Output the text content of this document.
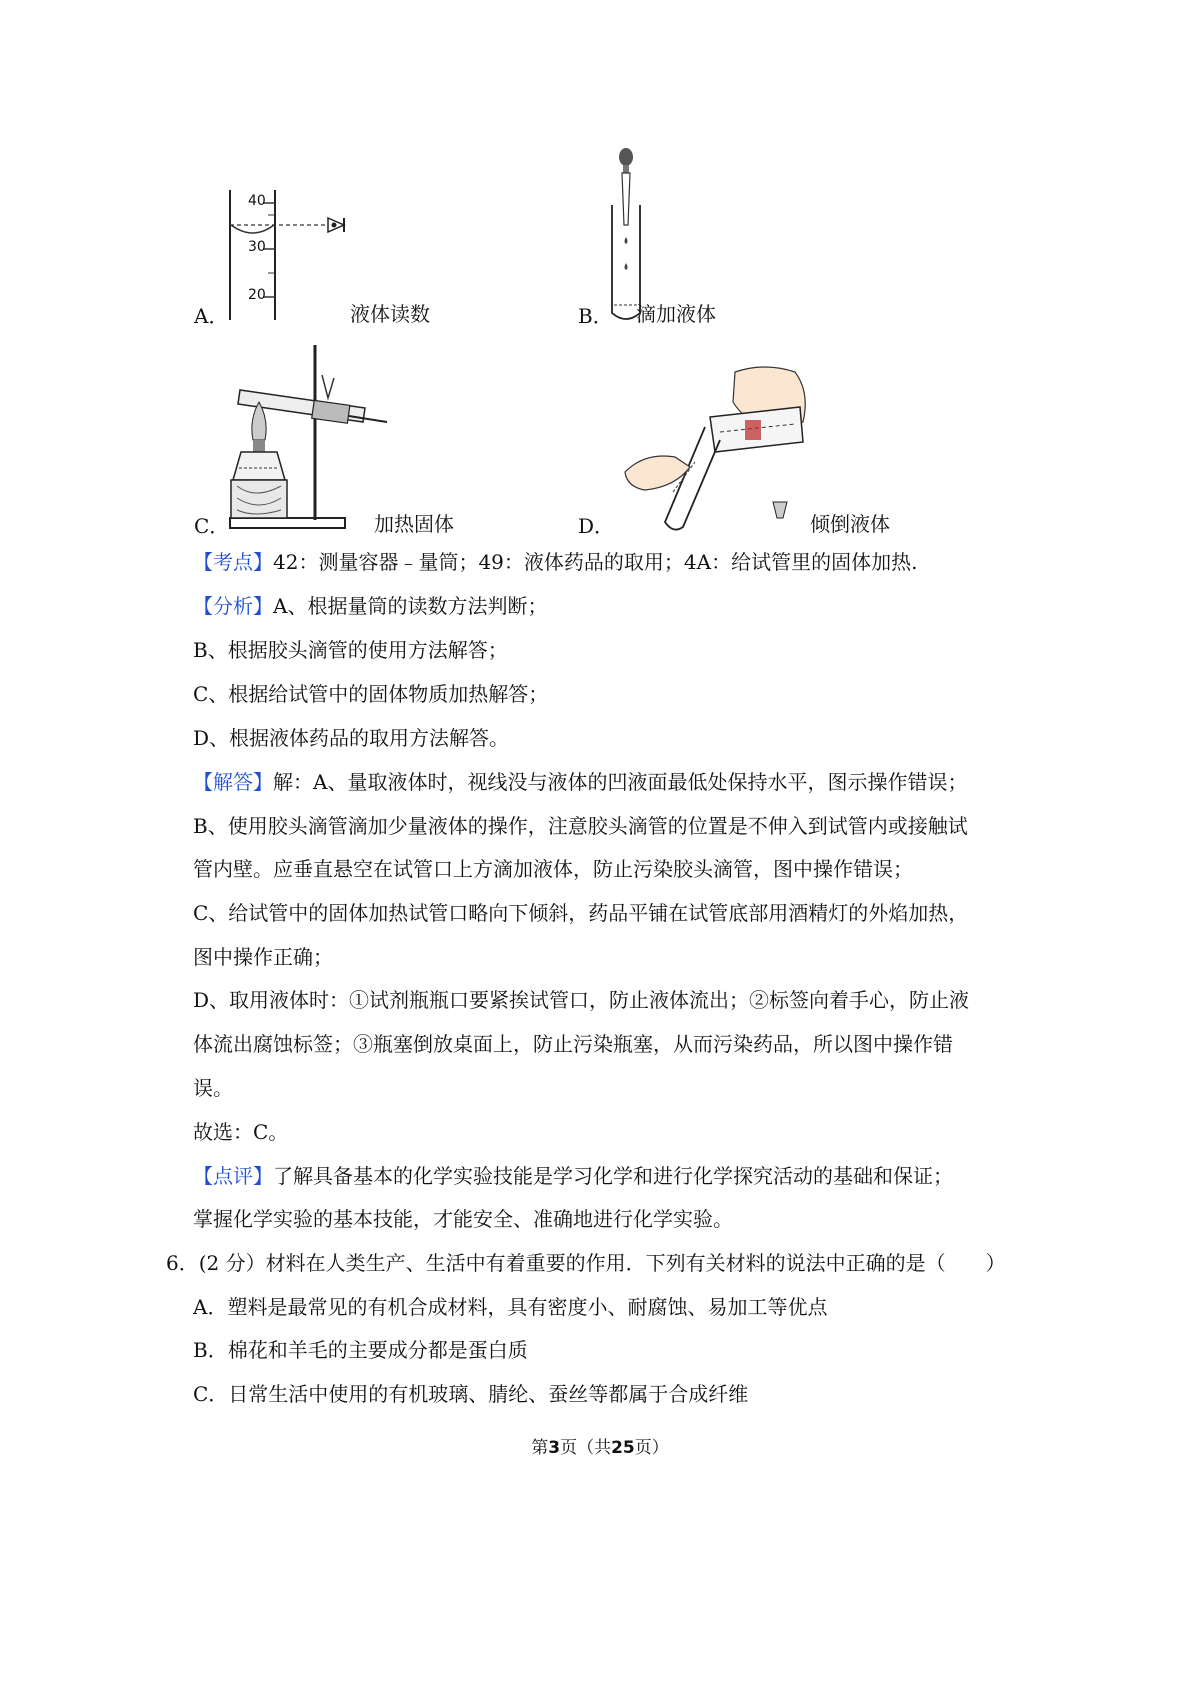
40
30
20
A．	液体读数	B． 滴加液体
C．	加热固体	D．	倾倒液体
【考点】42：测量容器﹣量筒；49：液体药品的取用；4A：给试管里的固体加热.
【分析】A、根据量筒的读数方法判断；
B、根据胶头滴管的使用方法解答；
C、根据给试管中的固体物质加热解答；
D、根据液体药品的取用方法解答。
【解答】解：A、量取液体时，视线没与液体的凹液面最低处保持水平，图示操作错误；
B、使用胶头滴管滴加少量液体的操作，注意胶头滴管的位置是不伸入到试管内或接触试
管内壁。应垂直悬空在试管口上方滴加液体，防止污染胶头滴管，图中操作错误；
C、给试管中的固体加热试管口略向下倾斜，药品平铺在试管底部用酒精灯的外焰加热，
图中操作正确；
D、取用液体时：①试剂瓶瓶口要紧挨试管口，防止液体流出；②标签向着手心，防止液
体流出腐蚀标签；③瓶塞倒放桌面上，防止污染瓶塞，从而污染药品，所以图中操作错
误。
故选：C。
【点评】了解具备基本的化学实验技能是学习化学和进行化学探究活动的基础和保证；
掌握化学实验的基本技能，才能安全、准确地进行化学实验。
6．(2 分）材料在人类生产、生活中有着重要的作用．下列有关材料的说法中正确的是（　　）
A．塑料是最常见的有机合成材料，具有密度小、耐腐蚀、易加工等优点
B．棉花和羊毛的主要成分都是蛋白质
C．日常生活中使用的有机玻璃、腈纶、蚕丝等都属于合成纤维
第3页（共25页）
